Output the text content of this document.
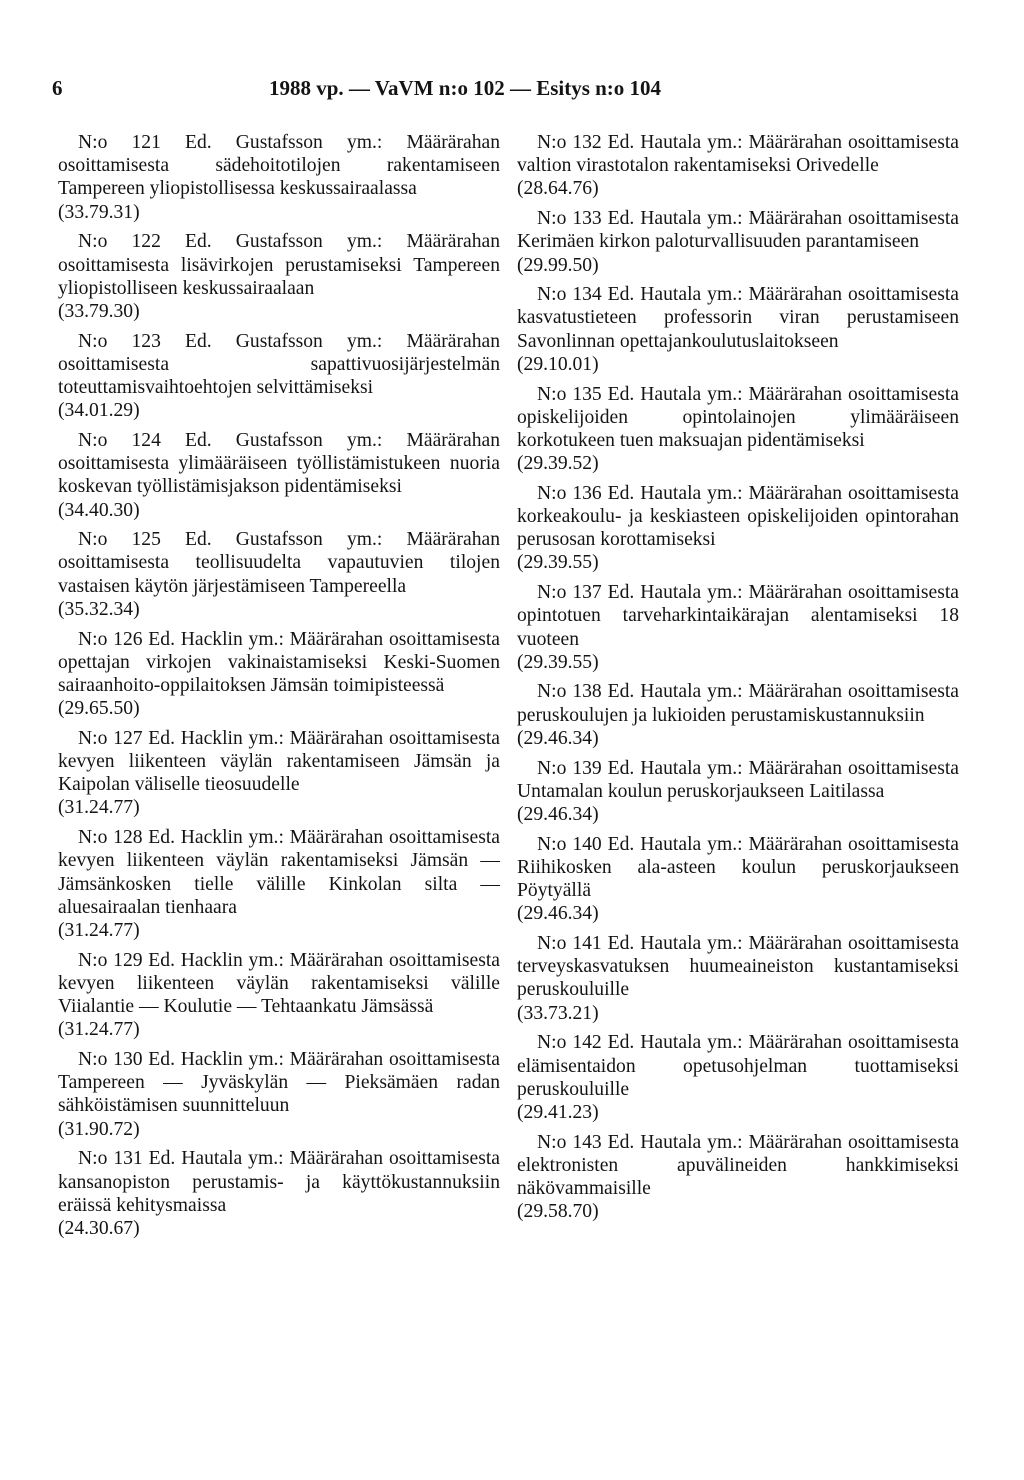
6	1988 vp. — VaVM n:o 102 — Esitys n:o 104
N:o 121 Ed. Gustafsson ym.: Määrärahan osoittamisesta sädehoitotilojen rakentamiseen Tampereen yliopistollisessa keskussairaalassa
(33.79.31)
N:o 122 Ed. Gustafsson ym.: Määrärahan osoittamisesta lisävirkojen perustamiseksi Tampereen yliopistolliseen keskussairaalaan
(33.79.30)
N:o 123 Ed. Gustafsson ym.: Määrärahan osoittamisesta sapattivuosijärjestelmän toteuttamisvaihtoehtojen selvittämiseksi
(34.01.29)
N:o 124 Ed. Gustafsson ym.: Määrärahan osoittamisesta ylimääräiseen työllistämistukeen nuoria koskevan työllistämisjakson pidentämiseksi
(34.40.30)
N:o 125 Ed. Gustafsson ym.: Määrärahan osoittamisesta teollisuudelta vapautuvien tilojen vastaisen käytön järjestämiseen Tampereella
(35.32.34)
N:o 126 Ed. Hacklin ym.: Määrärahan osoittamisesta opettajan virkojen vakinaistamiseksi Keski-Suomen sairaanhoito-oppilaitoksen Jämsän toimipisteessä
(29.65.50)
N:o 127 Ed. Hacklin ym.: Määrärahan osoittamisesta kevyen liikenteen väylän rakentamiseen Jämsän ja Kaipolan väliselle tieosuudelle
(31.24.77)
N:o 128 Ed. Hacklin ym.: Määrärahan osoittamisesta kevyen liikenteen väylän rakentamiseksi Jämsän — Jämsänkosken tielle välille Kinkolan silta — aluesairaalan tienhaara
(31.24.77)
N:o 129 Ed. Hacklin ym.: Määrärahan osoittamisesta kevyen liikenteen väylän rakentamiseksi välille Viialantie — Koulutie — Tehtaankatu Jämsässä
(31.24.77)
N:o 130 Ed. Hacklin ym.: Määrärahan osoittamisesta Tampereen — Jyväskylän — Pieksämäen radan sähköistämisen suunnitteluun
(31.90.72)
N:o 131 Ed. Hautala ym.: Määrärahan osoittamisesta kansanopiston perustamis- ja käyttökustannuksiin eräissä kehitysmaissa
(24.30.67)
N:o 132 Ed. Hautala ym.: Määrärahan osoittamisesta valtion virastotalon rakentamiseksi Orivedelle
(28.64.76)
N:o 133 Ed. Hautala ym.: Määrärahan osoittamisesta Kerimäen kirkon paloturvallisuuden parantamiseen
(29.99.50)
N:o 134 Ed. Hautala ym.: Määrärahan osoittamisesta kasvatustieteen professorin viran perustamiseen Savonlinnan opettajankoulutuslaitokseen
(29.10.01)
N:o 135 Ed. Hautala ym.: Määrärahan osoittamisesta opiskelijoiden opintolainojen ylimääräiseen korkotukeen tuen maksuajan pidentämiseksi
(29.39.52)
N:o 136 Ed. Hautala ym.: Määrärahan osoittamisesta korkeakoulu- ja keskiasteen opiskelijoiden opintorahan perusosan korottamiseksi
(29.39.55)
N:o 137 Ed. Hautala ym.: Määrärahan osoittamisesta opintotuen tarveharkintaikärajan alentamiseksi 18 vuoteen
(29.39.55)
N:o 138 Ed. Hautala ym.: Määrärahan osoittamisesta peruskoulujen ja lukioiden perustamiskustannuksiin
(29.46.34)
N:o 139 Ed. Hautala ym.: Määrärahan osoittamisesta Untamalan koulun peruskorjaukseen Laitilassa
(29.46.34)
N:o 140 Ed. Hautala ym.: Määrärahan osoittamisesta Riihikosken ala-asteen koulun peruskorjaukseen Pöytyällä
(29.46.34)
N:o 141 Ed. Hautala ym.: Määrärahan osoittamisesta terveyskasvatuksen huumeaineiston kustantamiseksi peruskouluille
(33.73.21)
N:o 142 Ed. Hautala ym.: Määrärahan osoittamisesta elämisentaidon opetusohjelman tuottamiseksi peruskouluille
(29.41.23)
N:o 143 Ed. Hautala ym.: Määrärahan osoittamisesta elektronisten apuvälineiden hankkimiseksi näkövammaisille
(29.58.70)
